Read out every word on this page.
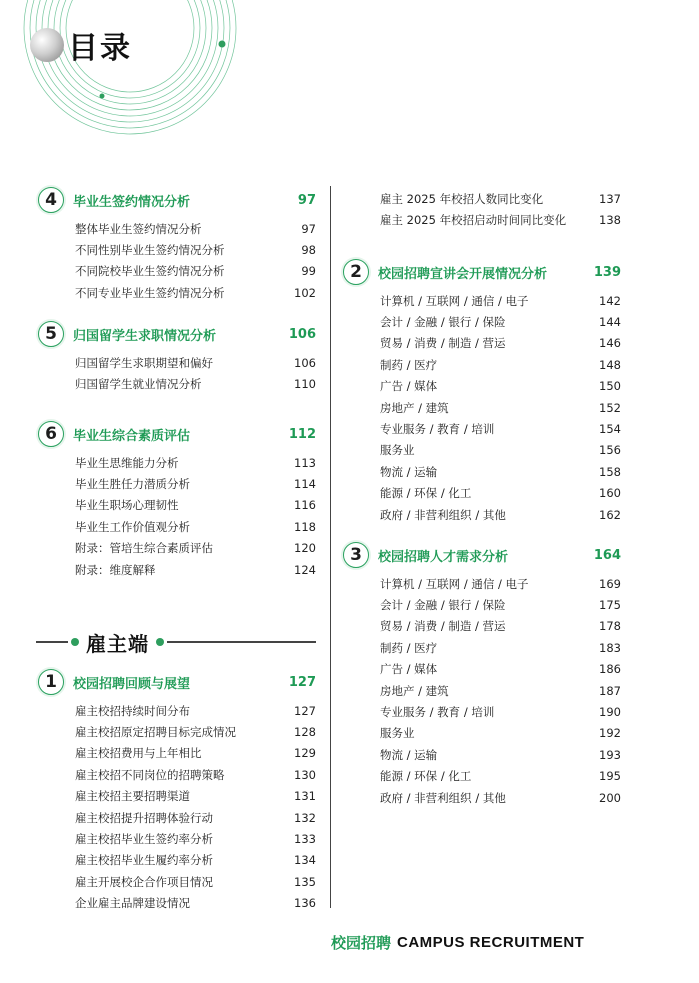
目录
4	毕业生签约情况分析	97
整体毕业生签约情况分析	97
不同性别毕业生签约情况分析	98
不同院校毕业生签约情况分析	99
不同专业毕业生签约情况分析	102
5	归国留学生求职情况分析	106
归国留学生求职期望和偏好	106
归国留学生就业情况分析	110
6	毕业生综合素质评估	112
毕业生思维能力分析	113
毕业生胜任力潜质分析	114
毕业生职场心理韧性	116
毕业生工作价值观分析	118
附录：管培生综合素质评估	120
附录：维度解释	124
1	校园招聘回顾与展望	127
雇主校招持续时间分布	127
雇主校招原定招聘目标完成情况	128
雇主校招费用与上年相比	129
雇主校招不同岗位的招聘策略	130
雇主校招主要招聘渠道	131
雇主校招提升招聘体验行动	132
雇主校招毕业生签约率分析	133
雇主校招毕业生履约率分析	134
雇主开展校企合作项目情况	135
企业雇主品牌建设情况	136
雇主端
雇主 2025 年校招人数同比变化	137
雇主 2025 年校招启动时间同比变化	138
2	校园招聘宣讲会开展情况分析	139
计算机 / 互联网 / 通信 / 电子	142
会计 / 金融 / 银行 / 保险	144
贸易 / 消费 / 制造 / 营运	146
制药 / 医疗	148
广告 / 媒体	150
房地产 / 建筑	152
专业服务 / 教育 / 培训	154
服务业	156
物流 / 运输	158
能源 / 环保 / 化工	160
政府 / 非营利组织 / 其他	162
3	校园招聘人才需求分析	164
计算机 / 互联网 / 通信 / 电子	169
会计 / 金融 / 银行 / 保险	175
贸易 / 消费 / 制造 / 营运	178
制药 / 医疗	183
广告 / 媒体	186
房地产 / 建筑	187
专业服务 / 教育 / 培训	190
服务业	192
物流 / 运输	193
能源 / 环保 / 化工	195
政府 / 非营利组织 / 其他	200
校园招聘 CAMPUS RECRUITMENT
